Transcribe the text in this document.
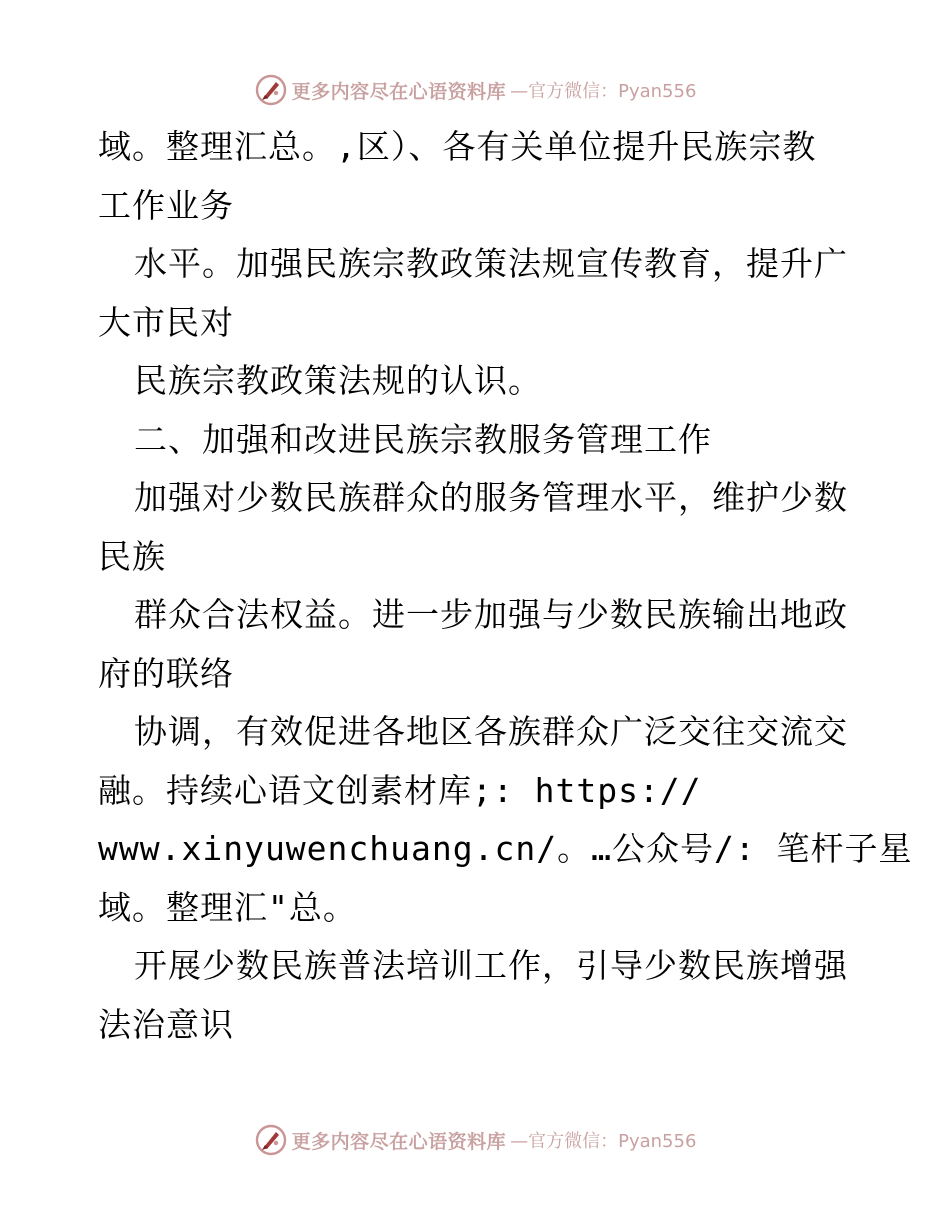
更多内容尽在心语资料库 —官方微信：Pyan556
域。整理汇总。,区）、各有关单位提升民族宗教
工作业务
水平。加强民族宗教政策法规宣传教育，提升广
大市民对
民族宗教政策法规的认识。
二、加强和改进民族宗教服务管理工作
加强对少数民族群众的服务管理水平，维护少数
民族
群众合法权益。进一步加强与少数民族输出地政
府的联络
协调，有效促进各地区各族群众广泛交往交流交
融。持续心语文创素材库;: https://
www.xinyuwenchuang.cn/。…公众号/: 笔杆子星
域。整理汇"总。
开展少数民族普法培训工作，引导少数民族增强
法治意识
更多内容尽在心语资料库 —官方微信：Pyan556
